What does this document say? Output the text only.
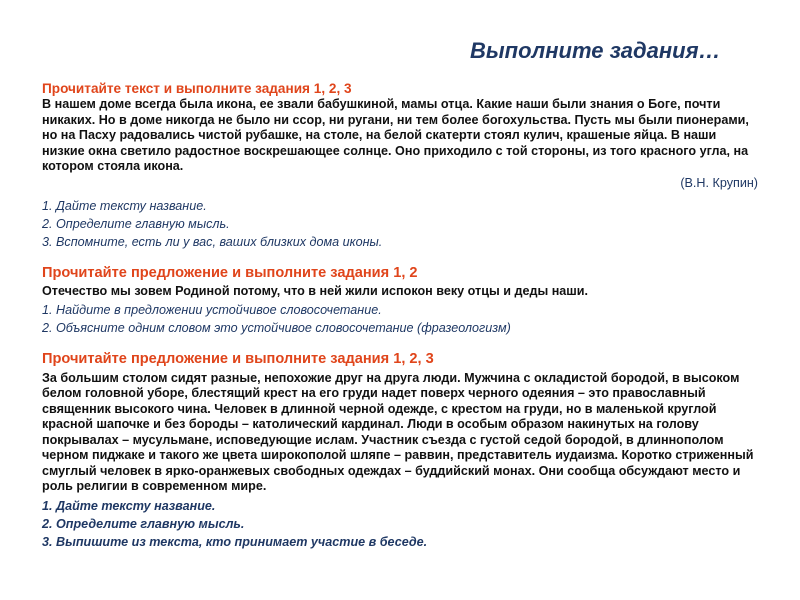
Выполните задания…
Прочитайте текст и выполните задания 1, 2, 3
В нашем доме всегда была икона, ее звали бабушкиной, мамы отца. Какие наши были знания о Боге, почти никаких. Но в доме никогда не было ни ссор, ни ругани, ни тем более богохульства. Пусть мы были пионерами, но на Пасху радовались чистой рубашке, на столе, на белой скатерти стоял кулич, крашеные яйца. В наши низкие окна светило радостное воскрешающее солнце. Оно приходило с той стороны, из того красного угла, на котором стояла икона.
(В.Н. Крупин)
1. Дайте тексту название.
2. Определите главную мысль.
3. Вспомните, есть ли у вас, ваших близких дома иконы.
Прочитайте предложение и выполните задания 1, 2
Отечество мы зовем Родиной потому, что в ней жили испокон веку отцы и деды наши.
1. Найдите в предложении устойчивое словосочетание.
2. Объясните одним словом это устойчивое словосочетание (фразеологизм)
Прочитайте предложение и выполните задания 1, 2, 3
За большим столом сидят разные, непохожие друг на друга люди. Мужчина с окладистой бородой, в высоком белом головной уборе, блестящий крест на его груди надет поверх черного одеяния – это православный священник высокого чина. Человек в длинной черной одежде, с крестом на груди, но в маленькой круглой красной шапочке и без бороды – католический кардинал. Люди в особым образом накинутых на голову покрывалах – мусульмане, исповедующие ислам. Участник съезда с густой седой бородой, в длиннополом черном пиджаке и такого же цвета широкополой шляпе – раввин, представитель иудаизма. Коротко стриженный смуглый человек в ярко-оранжевых свободных одеждах – буддийский монах. Они сообща обсуждают место и роль религии в современном мире.
1. Дайте тексту название.
2. Определите главную мысль.
3. Выпишите из текста, кто принимает участие в беседе.
